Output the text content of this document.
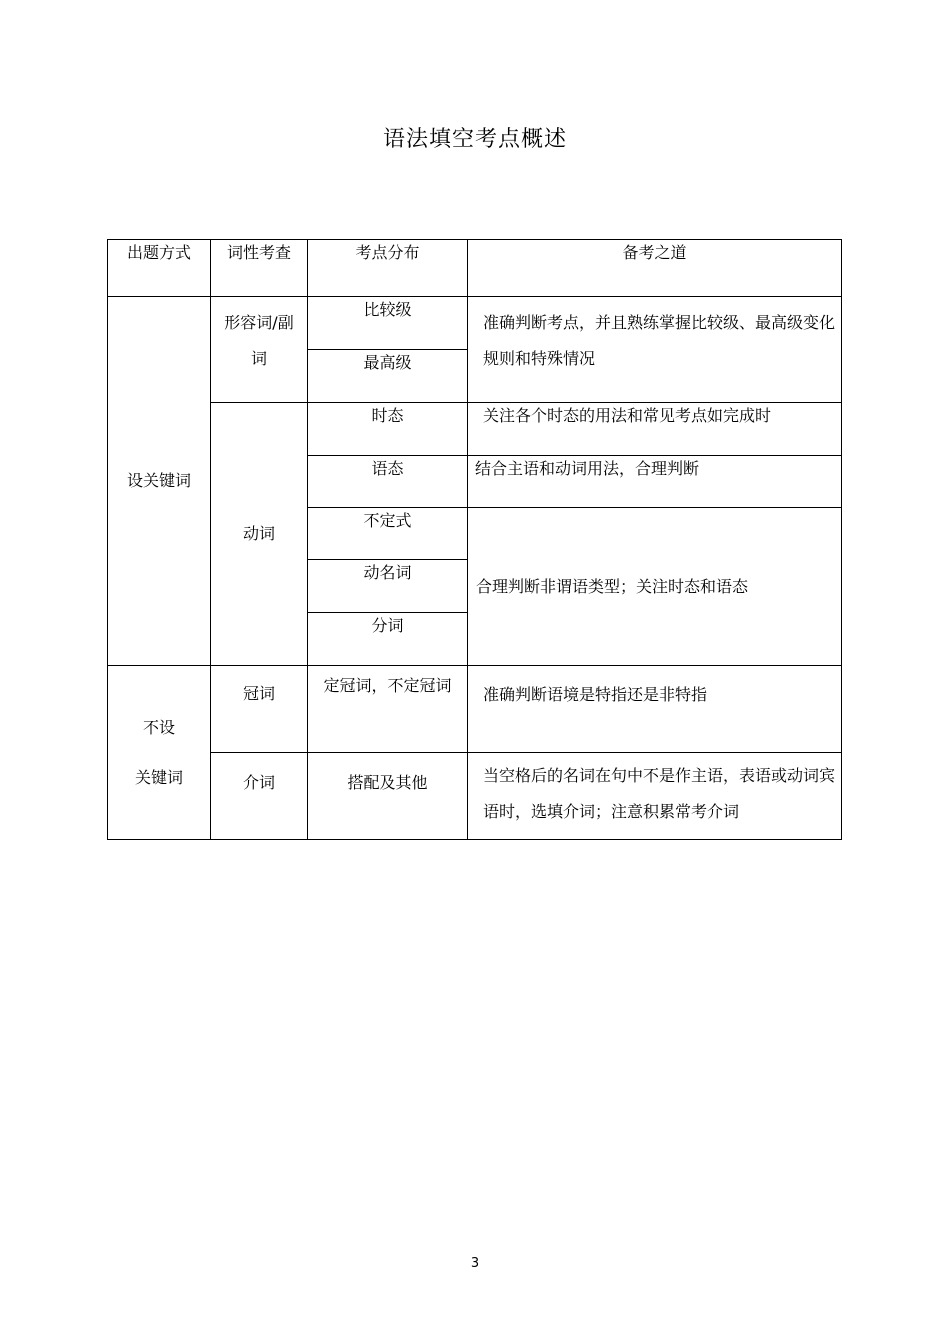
语法填空考点概述
出题方式	词性考查	考点分布	备考之道
设关键词	形容词/副词	比较级	准确判断考点，并且熟练掌握比较级、最高级变化规则和特殊情况

		最高级	
	动词	时态	关注各个时态的用法和常见考点如完成时
		语态	结合主语和动词用法，合理判断
		不定式	合理判断非谓语类型；关注时态和语态
		动名词	
		分词	

不设
关键词	冠词	定冠词，不定冠词	准确判断语境是特指还是非特指
	介词	搭配及其他	当空格后的名词在句中不是作主语，表语或动词宾语时，选填介词；注意积累常考介词
3
